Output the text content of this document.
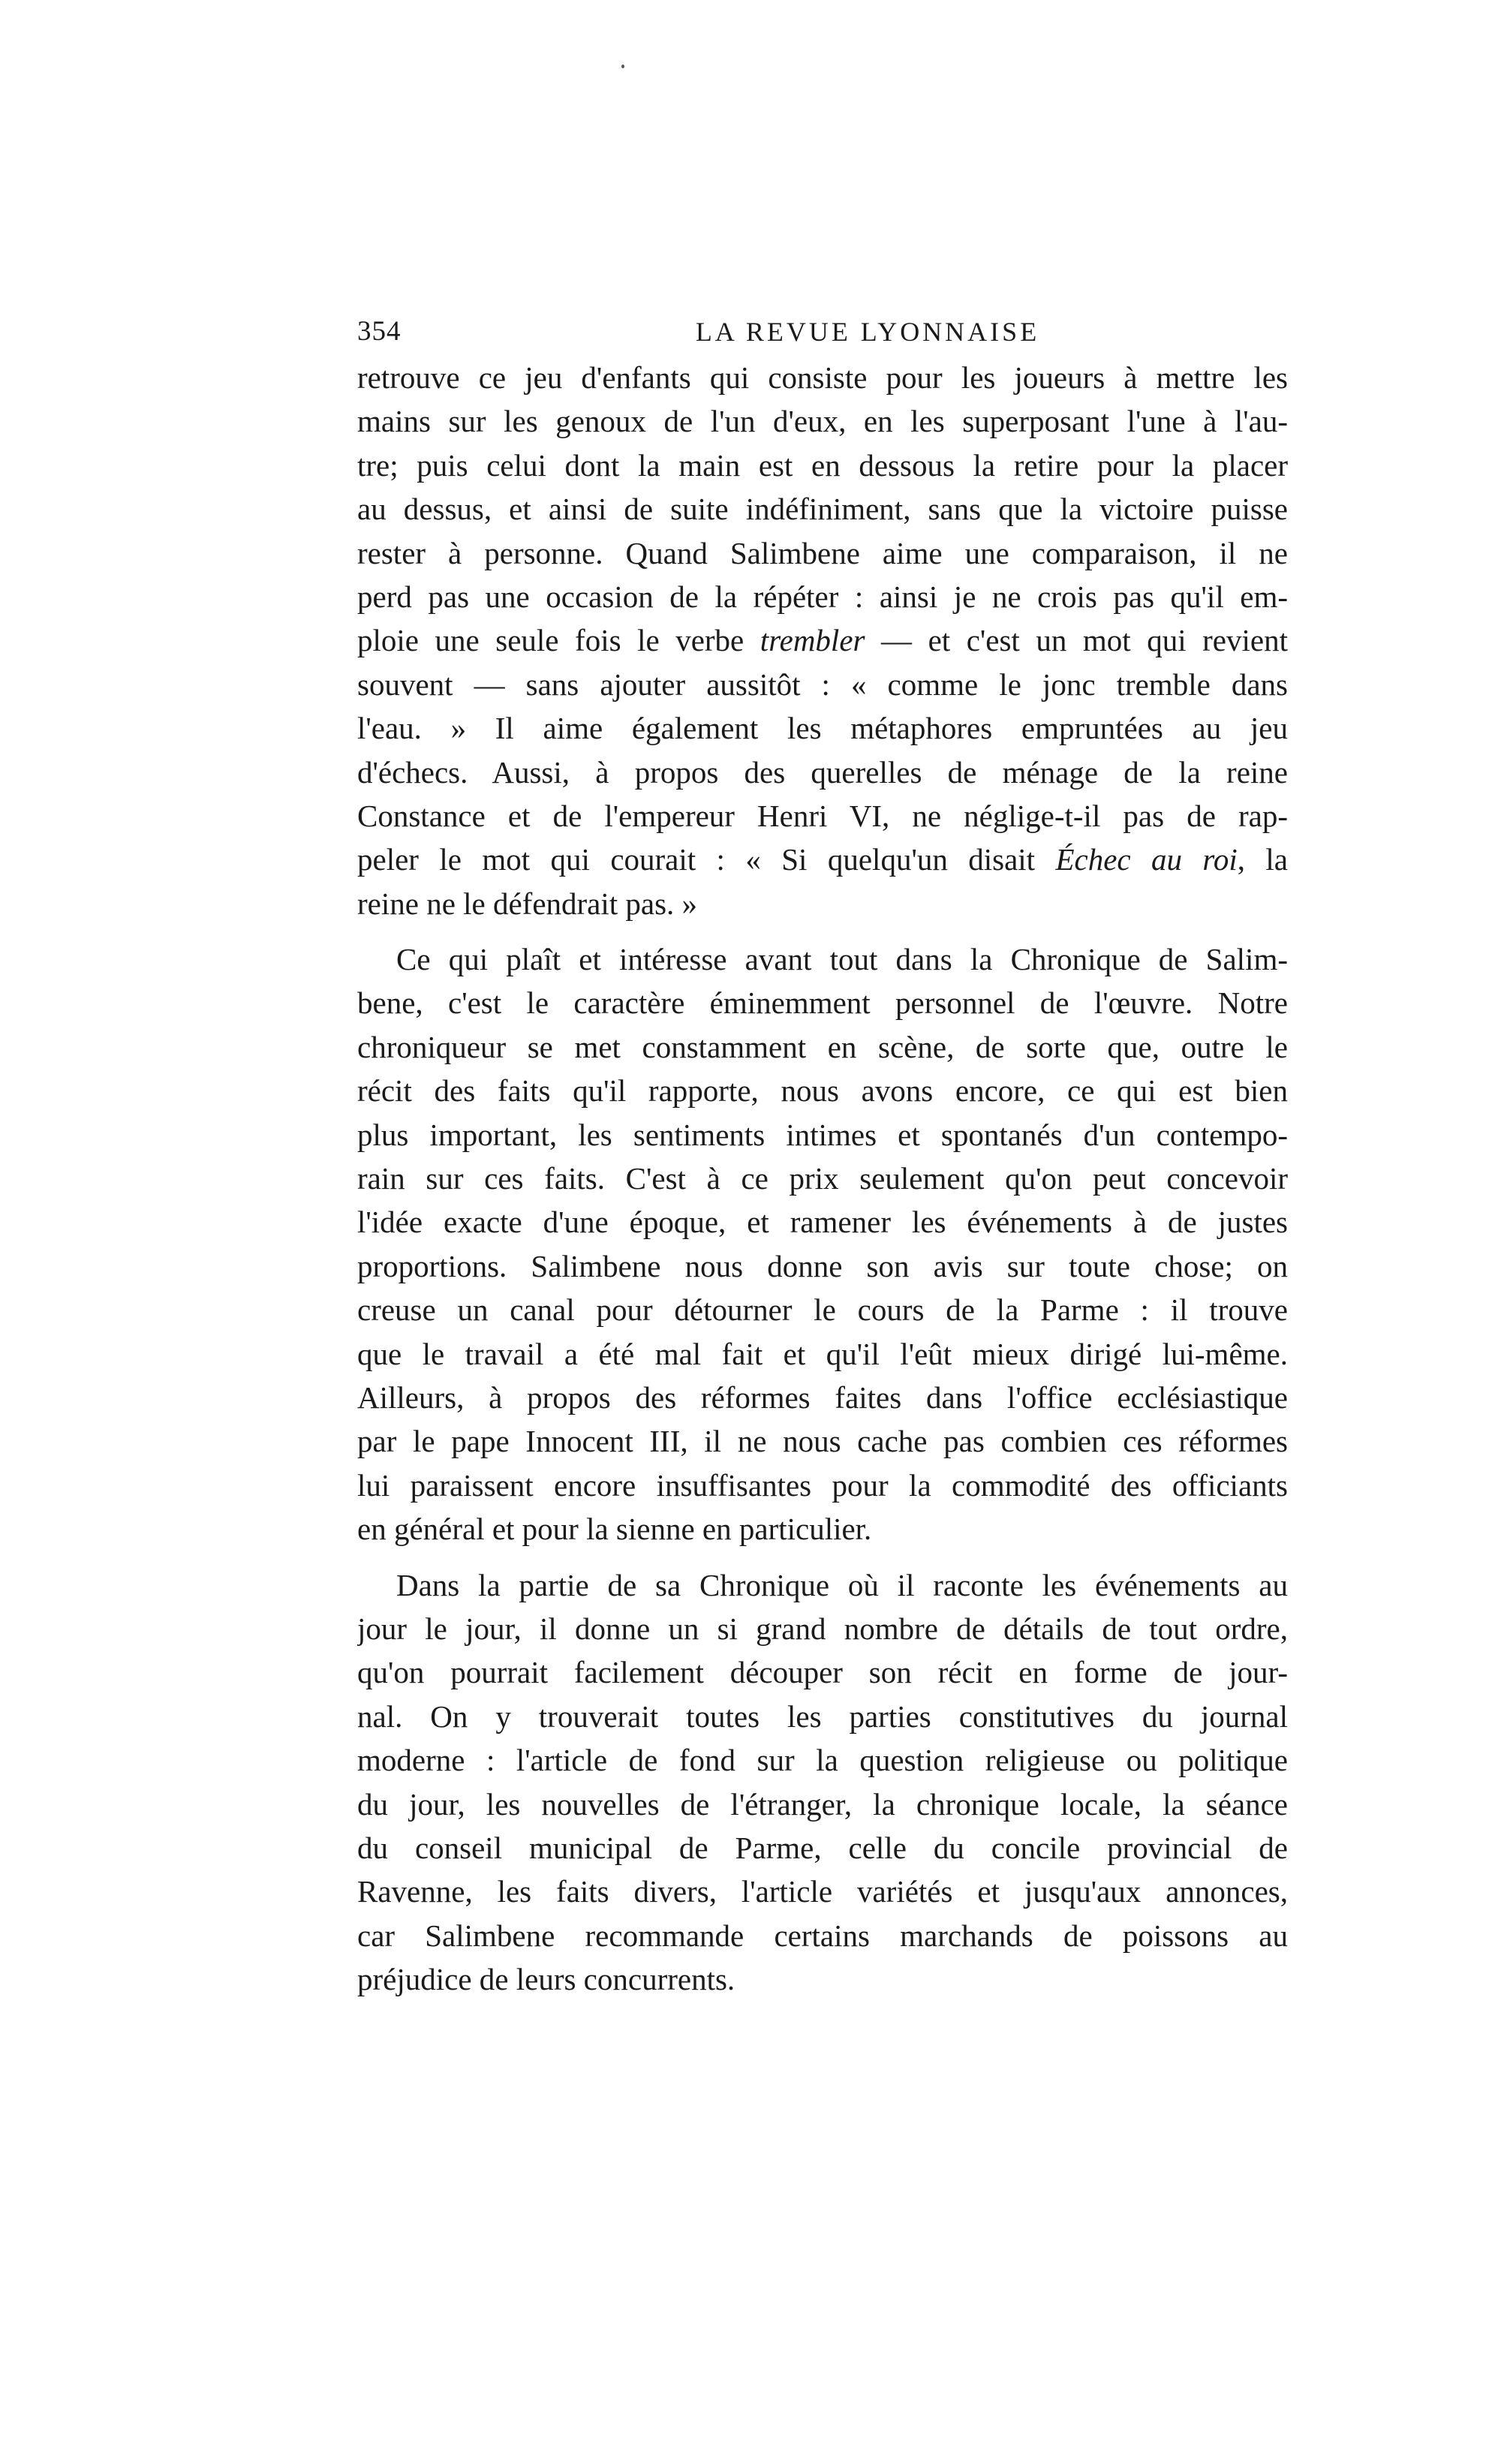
354	LA REVUE LYONNAISE
retrouve ce jeu d'enfants qui consiste pour les joueurs à mettre les
mains sur les genoux de l'un d'eux, en les superposant l'une à l'au-
tre; puis celui dont la main est en dessous la retire pour la placer
au dessus, et ainsi de suite indéfiniment, sans que la victoire puisse
rester à personne. Quand Salimbene aime une comparaison, il ne
perd pas une occasion de la répéter : ainsi je ne crois pas qu'il em-
ploie une seule fois le verbe trembler — et c'est un mot qui revient
souvent — sans ajouter aussitôt : « comme le jonc tremble dans
l'eau. » Il aime également les métaphores empruntées au jeu
d'échecs. Aussi, à propos des querelles de ménage de la reine
Constance et de l'empereur Henri VI, ne néglige-t-il pas de rap-
peler le mot qui courait : « Si quelqu'un disait Échec au roi, la
reine ne le défendrait pas. »
Ce qui plaît et intéresse avant tout dans la Chronique de Salim-
bene, c'est le caractère éminemment personnel de l'œuvre. Notre
chroniqueur se met constamment en scène, de sorte que, outre le
récit des faits qu'il rapporte, nous avons encore, ce qui est bien
plus important, les sentiments intimes et spontanés d'un contempo-
rain sur ces faits. C'est à ce prix seulement qu'on peut concevoir
l'idée exacte d'une époque, et ramener les événements à de justes
proportions. Salimbene nous donne son avis sur toute chose; on
creuse un canal pour détourner le cours de la Parme : il trouve
que le travail a été mal fait et qu'il l'eût mieux dirigé lui-même.
Ailleurs, à propos des réformes faites dans l'office ecclésiastique
par le pape Innocent III, il ne nous cache pas combien ces réformes
lui paraissent encore insuffisantes pour la commodité des officiants
en général et pour la sienne en particulier.
Dans la partie de sa Chronique où il raconte les événements au
jour le jour, il donne un si grand nombre de détails de tout ordre,
qu'on pourrait facilement découper son récit en forme de jour-
nal. On y trouverait toutes les parties constitutives du journal
moderne : l'article de fond sur la question religieuse ou politique
du jour, les nouvelles de l'étranger, la chronique locale, la séance
du conseil municipal de Parme, celle du concile provincial de
Ravenne, les faits divers, l'article variétés et jusqu'aux annonces,
car Salimbene recommande certains marchands de poissons au
préjudice de leurs concurrents.
